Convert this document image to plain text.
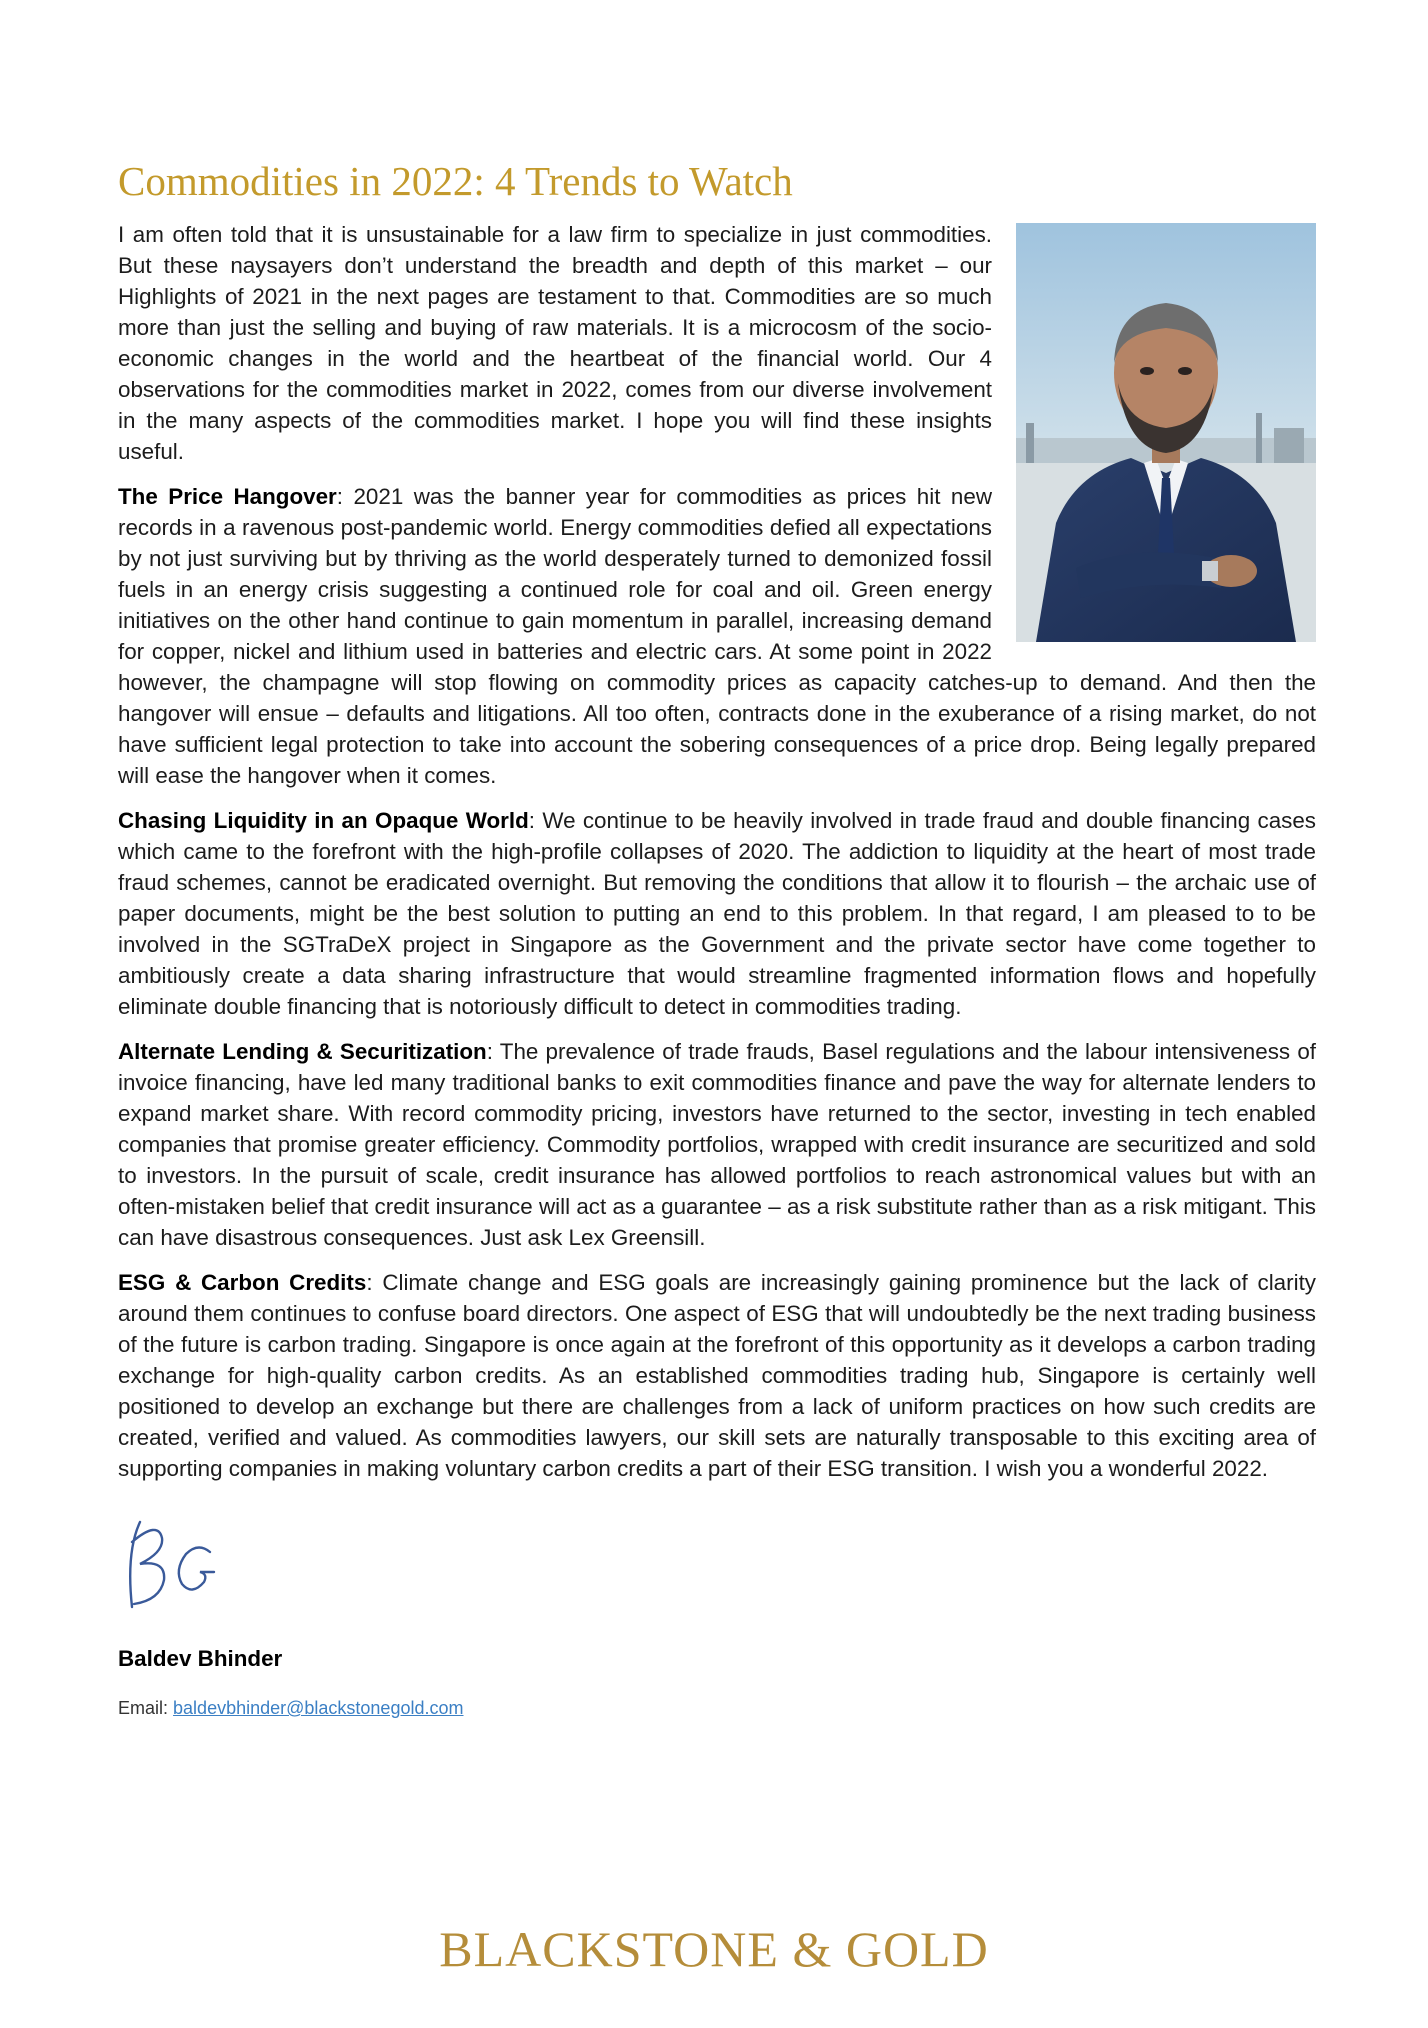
Commodities in 2022: 4 Trends to Watch

I am often told that it is unsustainable for a law firm to specialize in just commodities. But these naysayers don’t understand the breadth and depth of this market – our Highlights of 2021 in the next pages are testament to that. Commodities are so much more than just the selling and buying of raw materials. It is a microcosm of the socio-economic changes in the world and the heartbeat of the financial world. Our 4 observations for the commodities market in 2022, comes from our diverse involvement in the many aspects of the commodities market. I hope you will find these insights useful.

The Price Hangover: 2021 was the banner year for commodities as prices hit new records in a ravenous post-pandemic world. Energy commodities defied all expectations by not just surviving but by thriving as the world desperately turned to demonized fossil fuels in an energy crisis suggesting a continued role for coal and oil. Green energy initiatives on the other hand continue to gain momentum in parallel, increasing demand for copper, nickel and lithium used in batteries and electric cars. At some point in 2022 however, the champagne will stop flowing on commodity prices as capacity catches-up to demand. And then the hangover will ensue – defaults and litigations. All too often, contracts done in the exuberance of a rising market, do not have sufficient legal protection to take into account the sobering consequences of a price drop. Being legally prepared will ease the hangover when it comes.

Chasing Liquidity in an Opaque World: We continue to be heavily involved in trade fraud and double financing cases which came to the forefront with the high-profile collapses of 2020. The addiction to liquidity at the heart of most trade fraud schemes, cannot be eradicated overnight. But removing the conditions that allow it to flourish – the archaic use of paper documents, might be the best solution to putting an end to this problem. In that regard, I am pleased to to be involved in the SGTraDeX project in Singapore as the Government and the private sector have come together to ambitiously create a data sharing infrastructure that would streamline fragmented information flows and hopefully eliminate double financing that is notoriously difficult to detect in commodities trading.

Alternate Lending & Securitization: The prevalence of trade frauds, Basel regulations and the labour intensiveness of invoice financing, have led many traditional banks to exit commodities finance and pave the way for alternate lenders to expand market share. With record commodity pricing, investors have returned to the sector, investing in tech enabled companies that promise greater efficiency. Commodity portfolios, wrapped with credit insurance are securitized and sold to investors. In the pursuit of scale, credit insurance has allowed portfolios to reach astronomical values but with an often-mistaken belief that credit insurance will act as a guarantee – as a risk substitute rather than as a risk mitigant. This can have disastrous consequences. Just ask Lex Greensill.

ESG & Carbon Credits: Climate change and ESG goals are increasingly gaining prominence but the lack of clarity around them continues to confuse board directors. One aspect of ESG that will undoubtedly be the next trading business of the future is carbon trading. Singapore is once again at the forefront of this opportunity as it develops a carbon trading exchange for high-quality carbon credits. As an established commodities trading hub, Singapore is certainly well positioned to develop an exchange but there are challenges from a lack of uniform practices on how such credits are created, verified and valued. As commodities lawyers, our skill sets are naturally transposable to this exciting area of supporting companies in making voluntary carbon credits a part of their ESG transition. I wish you a wonderful 2022.

Baldev Bhinder
Email: baldevbhinder@blackstonegold.com
BLACKSTONE & GOLD
